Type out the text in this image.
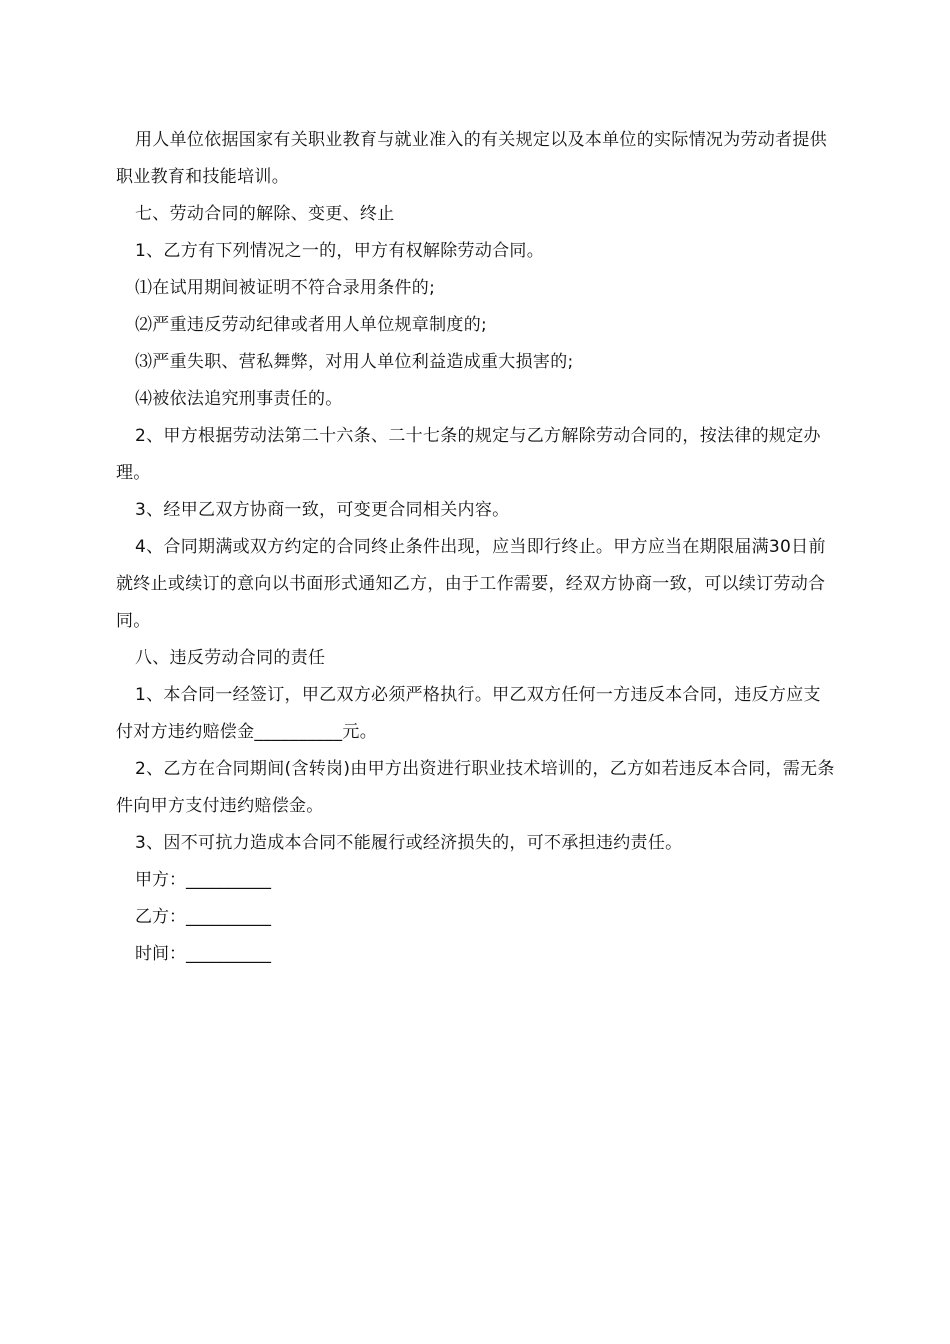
用人单位依据国家有关职业教育与就业准入的有关规定以及本单位的实际情况为劳动者提供职业教育和技能培训。

七、劳动合同的解除、变更、终止

1、乙方有下列情况之一的，甲方有权解除劳动合同。

⑴在试用期间被证明不符合录用条件的;

⑵严重违反劳动纪律或者用人单位规章制度的;

⑶严重失职、营私舞弊，对用人单位利益造成重大损害的;

⑷被依法追究刑事责任的。

2、甲方根据劳动法第二十六条、二十七条的规定与乙方解除劳动合同的，按法律的规定办理。

3、经甲乙双方协商一致，可变更合同相关内容。

4、合同期满或双方约定的合同终止条件出现，应当即行终止。甲方应当在期限届满30日前就终止或续订的意向以书面形式通知乙方，由于工作需要，经双方协商一致，可以续订劳动合同。

八、违反劳动合同的责任

1、本合同一经签订，甲乙双方必须严格执行。甲乙双方任何一方违反本合同，违反方应支付对方违约赔偿金__________元。

2、乙方在合同期间(含转岗)由甲方出资进行职业技术培训的，乙方如若违反本合同，需无条件向甲方支付违约赔偿金。

3、因不可抗力造成本合同不能履行或经济损失的，可不承担违约责任。

甲方：__________

乙方：__________

时间：__________
